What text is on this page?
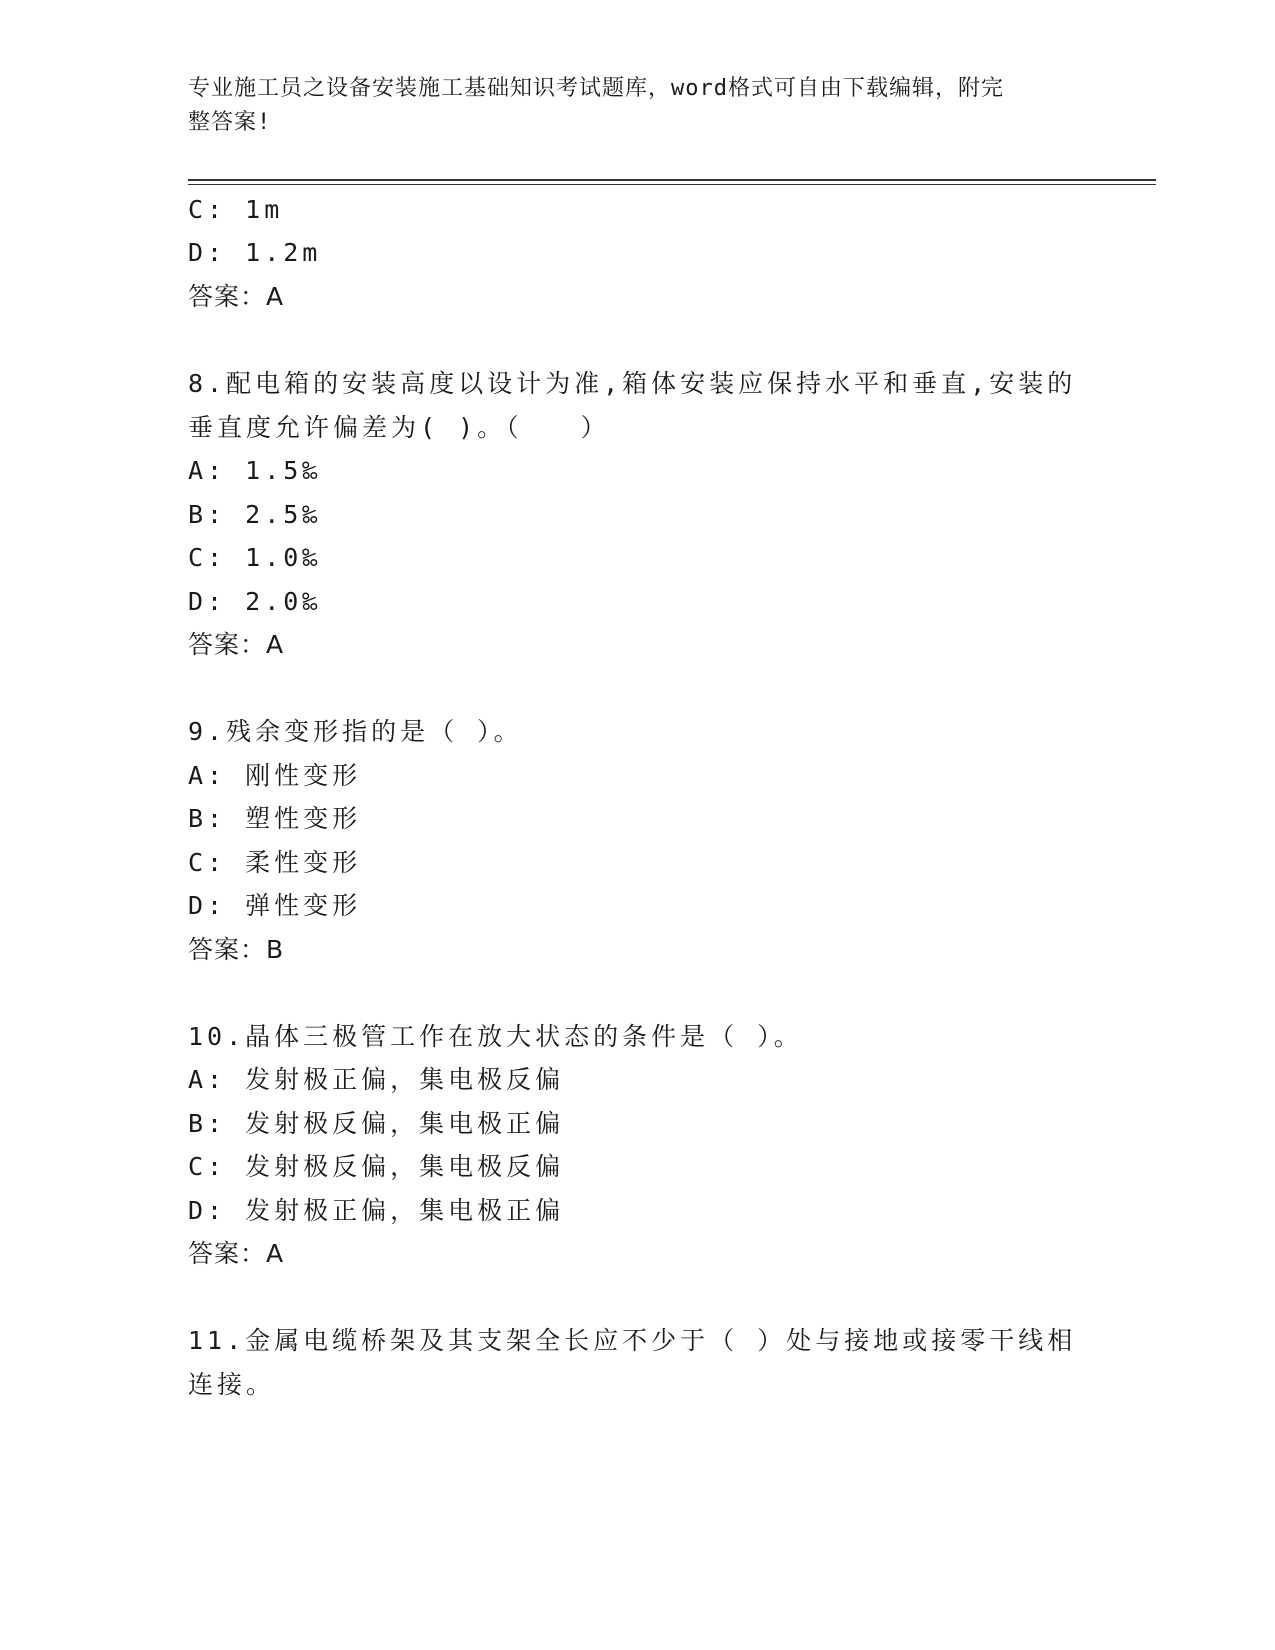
专业施工员之设备安装施工基础知识考试题库，word格式可自由下载编辑，附完
整答案!
C: 1m
D: 1.2m
答案：A
8.配电箱的安装高度以设计为准,箱体安装应保持水平和垂直,安装的
垂直度允许偏差为( )。（　　）
A: 1.5‰
B: 2.5‰
C: 1.0‰
D: 2.0‰
答案：A
9.残余变形指的是（ ）。
A: 刚性变形
B: 塑性变形
C: 柔性变形
D: 弹性变形
答案：B
10.晶体三极管工作在放大状态的条件是（ ）。
A: 发射极正偏，集电极反偏
B: 发射极反偏，集电极正偏
C: 发射极反偏，集电极反偏
D: 发射极正偏，集电极正偏
答案：A
11.金属电缆桥架及其支架全长应不少于（ ）处与接地或接零干线相
连接。
